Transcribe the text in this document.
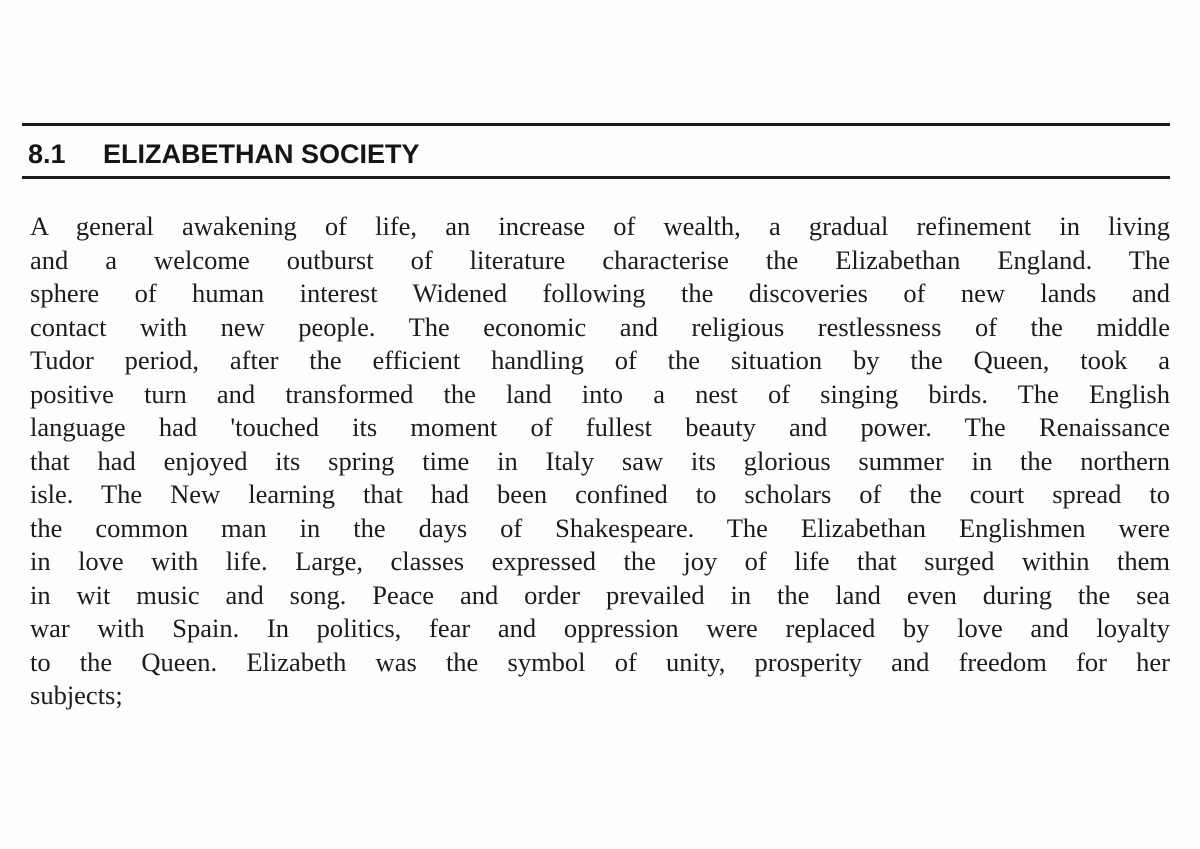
8.1	ELIZABETHAN SOCIETY
A general awakening of life, an increase of wealth, a gradual refinement in living
and a welcome outburst of literature characterise the Elizabethan England. The
sphere of human interest Widened following the discoveries of new lands and
contact with new people. The economic and religious restlessness of the middle
Tudor period, after the efficient handling of the situation by the Queen, took a
positive turn and transformed the land into a nest of singing birds. The English
language had 'touched its moment of fullest beauty and power. The Renaissance
that had enjoyed its spring time in Italy saw its glorious summer in the northern
isle. The New learning that had been confined to scholars of the court spread to
the common man in the days of Shakespeare. The Elizabethan Englishmen were
in love with life. Large, classes expressed the joy of life that surged within them
in wit music and song. Peace and order prevailed in the land even during the sea
war with Spain. In politics, fear and oppression were replaced by love and loyalty
to the Queen. Elizabeth was the symbol of unity, prosperity and freedom for her
subjects;
